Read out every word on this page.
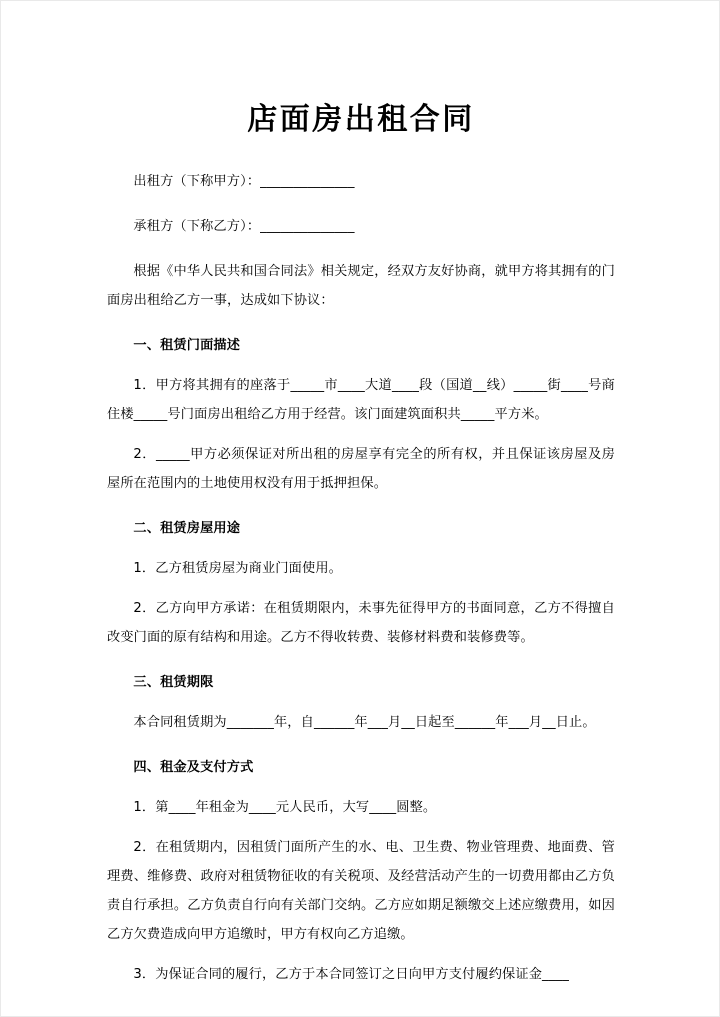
店面房出租合同

出租方（下称甲方）：______________

承租方（下称乙方）：______________

根据《中华人民共和国合同法》相关规定，经双方友好协商，就甲方将其拥有的门面房出租给乙方一事，达成如下协议：

一、租赁门面描述

1．甲方将其拥有的座落于_____市____大道____段（国道__线）_____街____号商住楼_____号门面房出租给乙方用于经营。该门面建筑面积共_____平方米。

2．_____甲方必须保证对所出租的房屋享有完全的所有权，并且保证该房屋及房屋所在范围内的土地使用权没有用于抵押担保。

二、租赁房屋用途

1．乙方租赁房屋为商业门面使用。

2．乙方向甲方承诺：在租赁期限内，未事先征得甲方的书面同意，乙方不得擅自改变门面的原有结构和用途。乙方不得收转费、装修材料费和装修费等。

三、租赁期限

本合同租赁期为_______年，自______年___月__日起至______年___月__日止。

四、租金及支付方式

1．第____年租金为____元人民币，大写____圆整。

2．在租赁期内，因租赁门面所产生的水、电、卫生费、物业管理费、地面费、管理费、维修费、政府对租赁物征收的有关税项、及经营活动产生的一切费用都由乙方负责自行承担。乙方负责自行向有关部门交纳。乙方应如期足额缴交上述应缴费用，如因乙方欠费造成向甲方追缴时，甲方有权向乙方追缴。

3．为保证合同的履行，乙方于本合同签订之日向甲方支付履约保证金____
